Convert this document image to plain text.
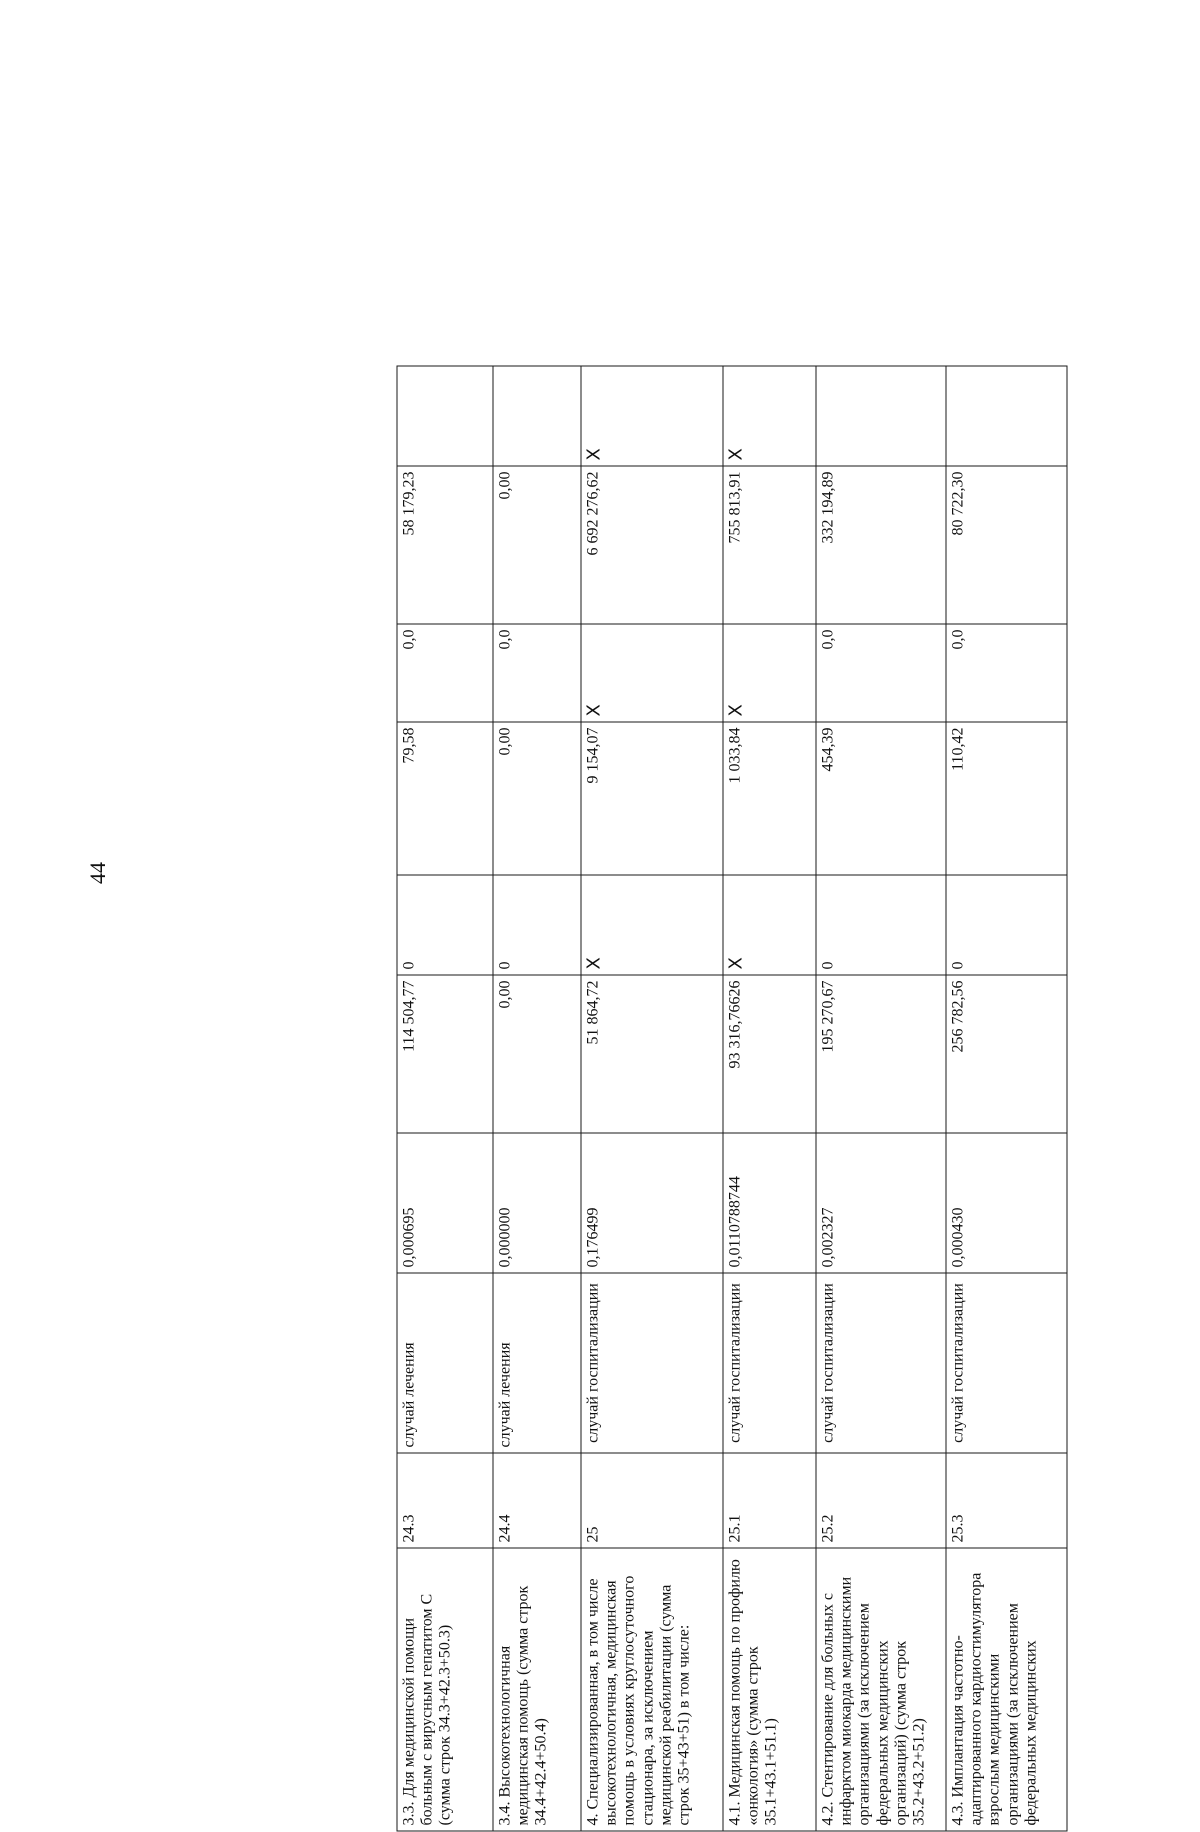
44
3.3. Для медицинской помощи больным с вирусным гепатитом С (сумма строк 34.3+42.3+50.3)	24.3	случай лечения	0,000695	114 504,77	0	79,58	0,0	58 179,23	
3.4. Высокотехнологичная медицинская помощь (сумма строк 34.4+42.4+50.4)	24.4	случай лечения	0,000000	0,00	0	0,00	0,0	0,00	
4. Специализированная, в том числе высокотехнологичная, медицинская помощь в условиях круглосуточного стационара, за исключением медицинской реабилитации (сумма строк 35+43+51) в том числе:	25	случай госпитализации	0,176499	51 864,72	X	9 154,07	X	6 692 276,62	X
4.1. Медицинская помощь по профилю «онкология» (сумма строк 35.1+43.1+51.1)	25.1	случай госпитализации	0,0110788744	93 316,76626	X	1 033,84	X	755 813,91	X
4.2. Стентирование для больных с инфарктом миокарда медицинскими организациями (за исключением федеральных медицинских организаций) (сумма строк 35.2+43.2+51.2)	25.2	случай госпитализации	0,002327	195 270,67	0	454,39	0,0	332 194,89	
4.3. Имплантация частотно-адаптированного кардиостимулятора взрослым медицинскими организациями (за исключением федеральных медицинских	25.3	случай госпитализации	0,000430	256 782,56	0	110,42	0,0	80 722,30	
